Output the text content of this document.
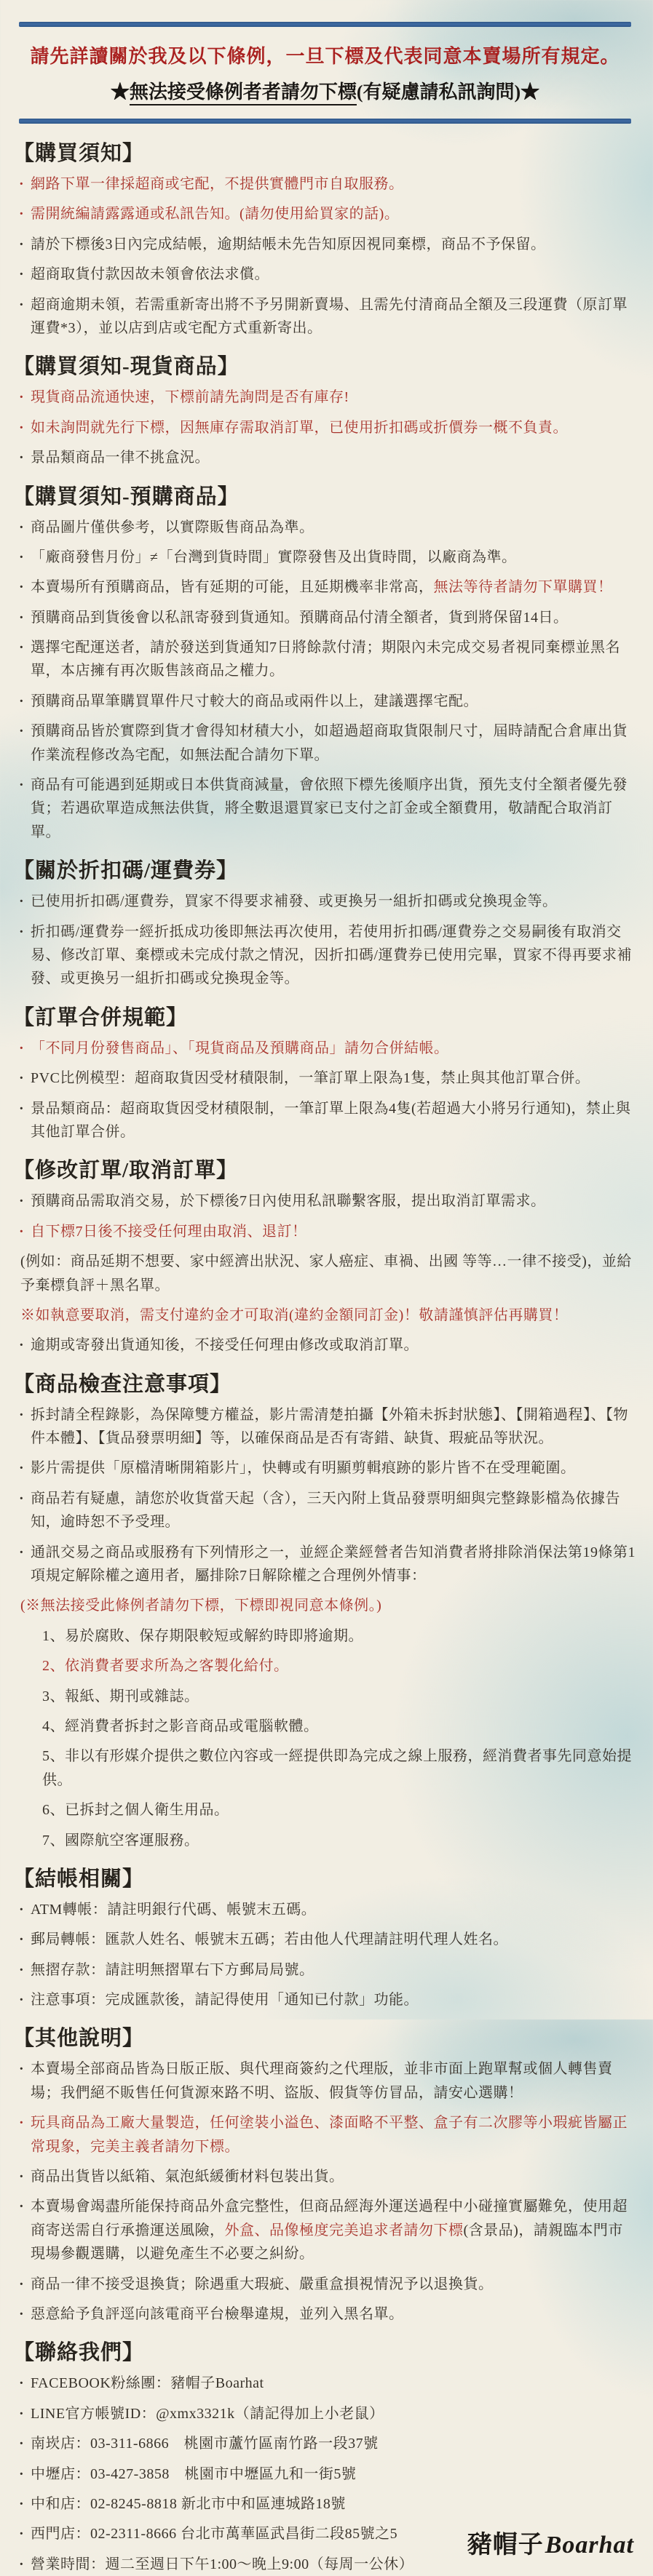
請先詳讀關於我及以下條例，一旦下標及代表同意本賣場所有規定。

★無法接受條例者者請勿下標(有疑慮請私訊詢問)★

【購買須知】

· 網路下單一律採超商或宅配，不提供實體門市自取服務。

· 需開統編請露露通或私訊告知。(請勿使用給買家的話)。

· 請於下標後3日內完成結帳，逾期結帳未先告知原因視同棄標，商品不予保留。

· 超商取貨付款因故未領會依法求償。

· 超商逾期未領，若需重新寄出將不予另開新賣場、且需先付清商品全額及三段運費（原訂單運費*3），並以店到店或宅配方式重新寄出。

【購買須知-現貨商品】

· 現貨商品流通快速，下標前請先詢問是否有庫存!

· 如未詢問就先行下標，因無庫存需取消訂單，已使用折扣碼或折價券一概不負責。

· 景品類商品一律不挑盒況。

【購買須知-預購商品】

· 商品圖片僅供參考，以實際販售商品為準。

· 「廠商發售月份」≠「台灣到貨時間」實際發售及出貨時間，以廠商為準。

· 本賣場所有預購商品，皆有延期的可能，且延期機率非常高，無法等待者請勿下單購買！

· 預購商品到貨後會以私訊寄發到貨通知。預購商品付清全額者，貨到將保留14日。

· 選擇宅配運送者，請於發送到貨通知7日將餘款付清；期限內未完成交易者視同棄標並黑名單，本店擁有再次販售該商品之權力。

· 預購商品單筆購買單件尺寸較大的商品或兩件以上，建議選擇宅配。

· 預購商品皆於實際到貨才會得知材積大小，如超過超商取貨限制尺寸，屆時請配合倉庫出貨作業流程修改為宅配，如無法配合請勿下單。

· 商品有可能遇到延期或日本供貨商減量，會依照下標先後順序出貨，預先支付全額者優先發貨；若遇砍單造成無法供貨，將全數退還買家已支付之訂金或全額費用，敬請配合取消訂單。

【關於折扣碼/運費券】

· 已使用折扣碼/運費券，買家不得要求補發、或更換另一組折扣碼或兌換現金等。

· 折扣碼/運費券一經折抵成功後即無法再次使用，若使用折扣碼/運費券之交易嗣後有取消交易、修改訂單、棄標或未完成付款之情況，因折扣碼/運費券已使用完畢，買家不得再要求補發、或更換另一組折扣碼或兌換現金等。

【訂單合併規範】

· 「不同月份發售商品」、「現貨商品及預購商品」請勿合併結帳。

· PVC比例模型：超商取貨因受材積限制，一筆訂單上限為1隻，禁止與其他訂單合併。

· 景品類商品：超商取貨因受材積限制，一筆訂單上限為4隻(若超過大小將另行通知)，禁止與其他訂單合併。

【修改訂單/取消訂單】

· 預購商品需取消交易，於下標後7日內使用私訊聯繫客服，提出取消訂單需求。

· 自下標7日後不接受任何理由取消、退訂！

(例如：商品延期不想要、家中經濟出狀況、家人癌症、車禍、出國 等等…一律不接受)，並給予棄標負評＋黑名單。

※如執意要取消，需支付違約金才可取消(違約金額同訂金)！敬請謹慎評估再購買！

· 逾期或寄發出貨通知後，不接受任何理由修改或取消訂單。

【商品檢查注意事項】

· 拆封請全程錄影，為保障雙方權益，影片需清楚拍攝【外箱未拆封狀態】、【開箱過程】、【物件本體】、【貨品發票明細】等，以確保商品是否有寄錯、缺貨、瑕疵品等狀況。

· 影片需提供「原檔清晰開箱影片」，快轉或有明顯剪輯痕跡的影片皆不在受理範圍。

· 商品若有疑慮，請您於收貨當天起（含），三天內附上貨品發票明細與完整錄影檔為依據告知，逾時恕不予受理。

· 通訊交易之商品或服務有下列情形之一，並經企業經營者告知消費者將排除消保法第19條第1項規定解除權之適用者，屬排除7日解除權之合理例外情事：

(※無法接受此條例者請勿下標，下標即視同意本條例。)

1、易於腐敗、保存期限較短或解約時即將逾期。

2、依消費者要求所為之客製化給付。

3、報紙、期刊或雜誌。

4、經消費者拆封之影音商品或電腦軟體。

5、非以有形媒介提供之數位內容或一經提供即為完成之線上服務，經消費者事先同意始提供。

6、已拆封之個人衛生用品。

7、國際航空客運服務。

【結帳相關】

· ATM轉帳：請註明銀行代碼、帳號末五碼。

· 郵局轉帳：匯款人姓名、帳號末五碼；若由他人代理請註明代理人姓名。

· 無摺存款：請註明無摺單右下方郵局局號。

· 注意事項：完成匯款後，請記得使用「通知已付款」功能。

【其他說明】

· 本賣場全部商品皆為日版正版、與代理商簽約之代理版，並非市面上跑單幫或個人轉售賣場；我們絕不販售任何貨源來路不明、盜版、假貨等仿冒品，請安心選購！

· 玩具商品為工廠大量製造，任何塗裝小溢色、漆面略不平整、盒子有二次膠等小瑕疵皆屬正常現象，完美主義者請勿下標。

· 商品出貨皆以紙箱、氣泡紙緩衝材料包裝出貨。

· 本賣場會竭盡所能保持商品外盒完整性，但商品經海外運送過程中小碰撞實屬難免，使用超商寄送需自行承擔運送風險，外盒、品像極度完美追求者請勿下標(含景品)，請親臨本門市現場參觀選購，以避免產生不必要之糾紛。

· 商品一律不接受退換貨；除遇重大瑕疵、嚴重盒損視情況予以退換貨。

· 惡意給予負評逕向該電商平台檢舉違規，並列入黑名單。

【聯絡我們】

· FACEBOOK粉絲團：豬帽子Boarhat

· LINE官方帳號ID：@xmx3321k（請記得加上小老鼠）

· 南崁店：03-311-6866　桃園市蘆竹區南竹路一段37號

· 中壢店：03-427-3858　桃園市中壢區九和一街5號

· 中和店：02-8245-8818 新北市中和區連城路18號

· 西門店：02-2311-8666 台北市萬華區武昌街二段85號之5

· 營業時間：週二至週日下午1:00～晚上9:00（每周一公休）

豬帽子Boarhat
